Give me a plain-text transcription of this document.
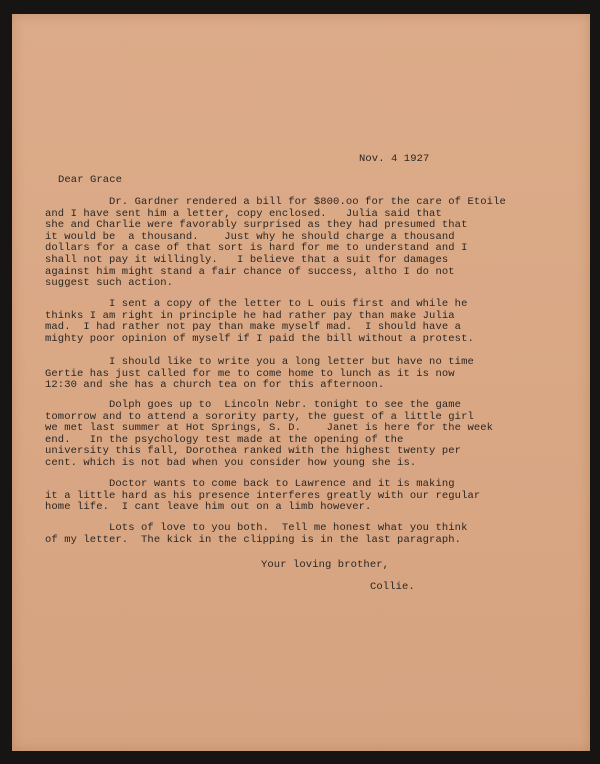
Nov. 4 1927
Dear Grace
Dr. Gardner rendered a bill for $800.oo for the care of Etoile
and I have sent him a letter, copy enclosed.   Julia said that
she and Charlie were favorably surprised as they had presumed that
it would be  a thousand.    Just why he should charge a thousand
dollars for a case of that sort is hard for me to understand and I
shall not pay it willingly.   I believe that a suit for damages
against him might stand a fair chance of success, altho I do not
suggest such action.
I sent a copy of the letter to L ouis first and while he
thinks I am right in principle he had rather pay than make Julia
mad.  I had rather not pay than make myself mad.  I should have a
mighty poor opinion of myself if I paid the bill without a protest.
I should like to write you a long letter but have no time
Gertie has just called for me to come home to lunch as it is now
12:30 and she has a church tea on for this afternoon.
Dolph goes up to  Lincoln Nebr. tonight to see the game
tomorrow and to attend a sorority party, the guest of a little girl
we met last summer at Hot Springs, S. D.    Janet is here for the week
end.   In the psychology test made at the opening of the
university this fall, Dorothea ranked with the highest twenty per
cent. which is not bad when you consider how young she is.
Doctor wants to come back to Lawrence and it is making
it a little hard as his presence interferes greatly with our regular
home life.  I cant leave him out on a limb however.
Lots of love to you both.  Tell me honest what you think
of my letter.  The kick in the clipping is in the last paragraph.
Your loving brother,
Collie.
